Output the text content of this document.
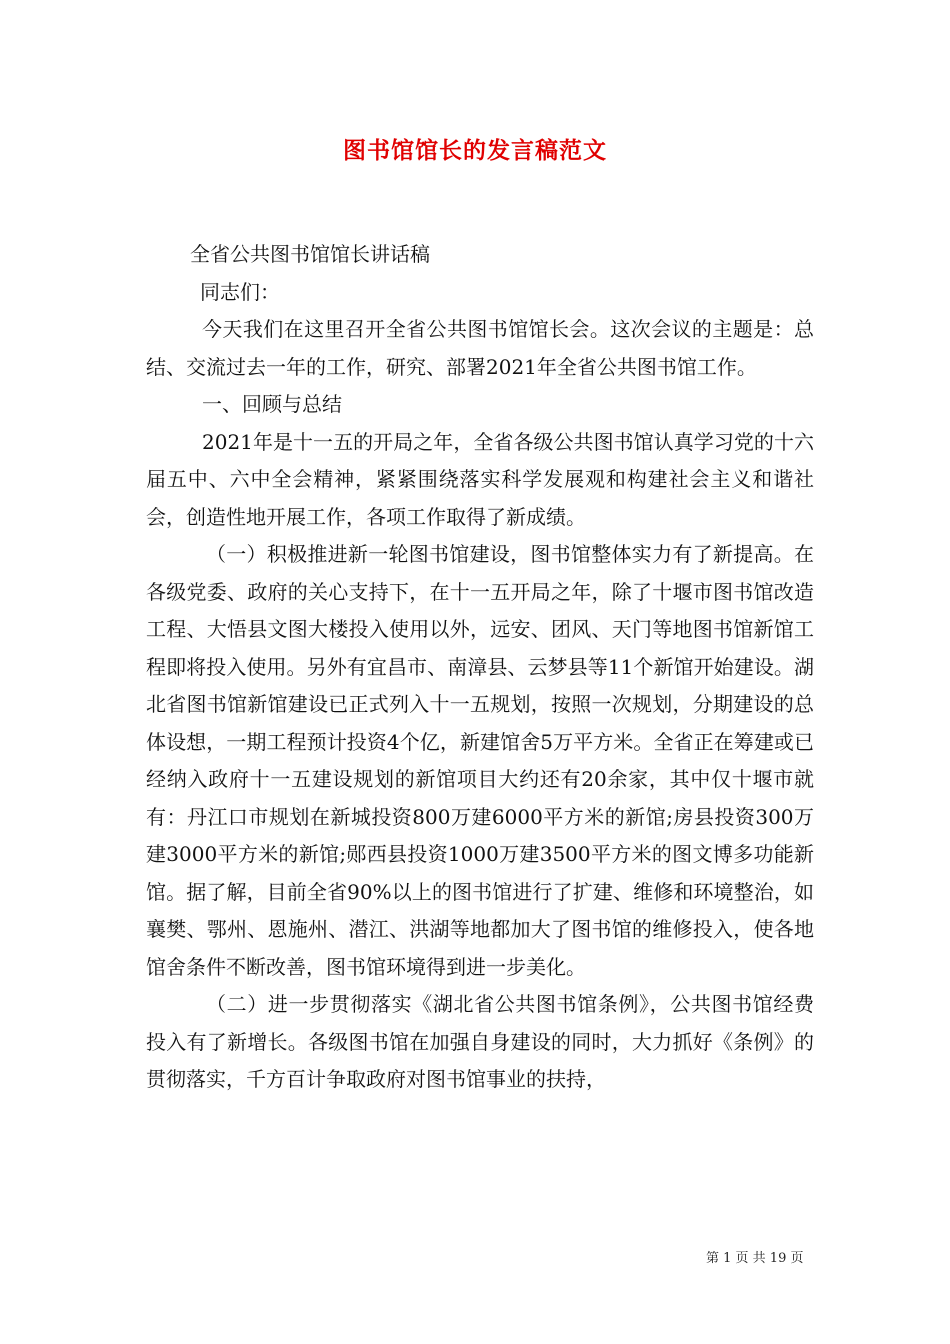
图书馆馆长的发言稿范文

全省公共图书馆馆长讲话稿

同志们：

今天我们在这里召开全省公共图书馆馆长会。这次会议的主题是：总结、交流过去一年的工作，研究、部署2021年全省公共图书馆工作。

一、回顾与总结

2021年是十一五的开局之年，全省各级公共图书馆认真学习党的十六届五中、六中全会精神，紧紧围绕落实科学发展观和构建社会主义和谐社会，创造性地开展工作，各项工作取得了新成绩。

（一）积极推进新一轮图书馆建设，图书馆整体实力有了新提高。在各级党委、政府的关心支持下，在十一五开局之年，除了十堰市图书馆改造工程、大悟县文图大楼投入使用以外，远安、团风、天门等地图书馆新馆工程即将投入使用。另外有宜昌市、南漳县、云梦县等11个新馆开始建设。湖北省图书馆新馆建设已正式列入十一五规划，按照一次规划，分期建设的总体设想，一期工程预计投资4个亿，新建馆舍5万平方米。全省正在筹建或已经纳入政府十一五建设规划的新馆项目大约还有20余家，其中仅十堰市就有：丹江口市规划在新城投资800万建6000平方米的新馆;房县投资300万建3000平方米的新馆;郧西县投资1000万建3500平方米的图文博多功能新馆。据了解，目前全省90%以上的图书馆进行了扩建、维修和环境整治，如襄樊、鄂州、恩施州、潜江、洪湖等地都加大了图书馆的维修投入，使各地馆舍条件不断改善，图书馆环境得到进一步美化。

（二）进一步贯彻落实《湖北省公共图书馆条例》，公共图书馆经费投入有了新增长。各级图书馆在加强自身建设的同时，大力抓好《条例》的贯彻落实，千方百计争取政府对图书馆事业的扶持，

第 1 页 共 19 页
